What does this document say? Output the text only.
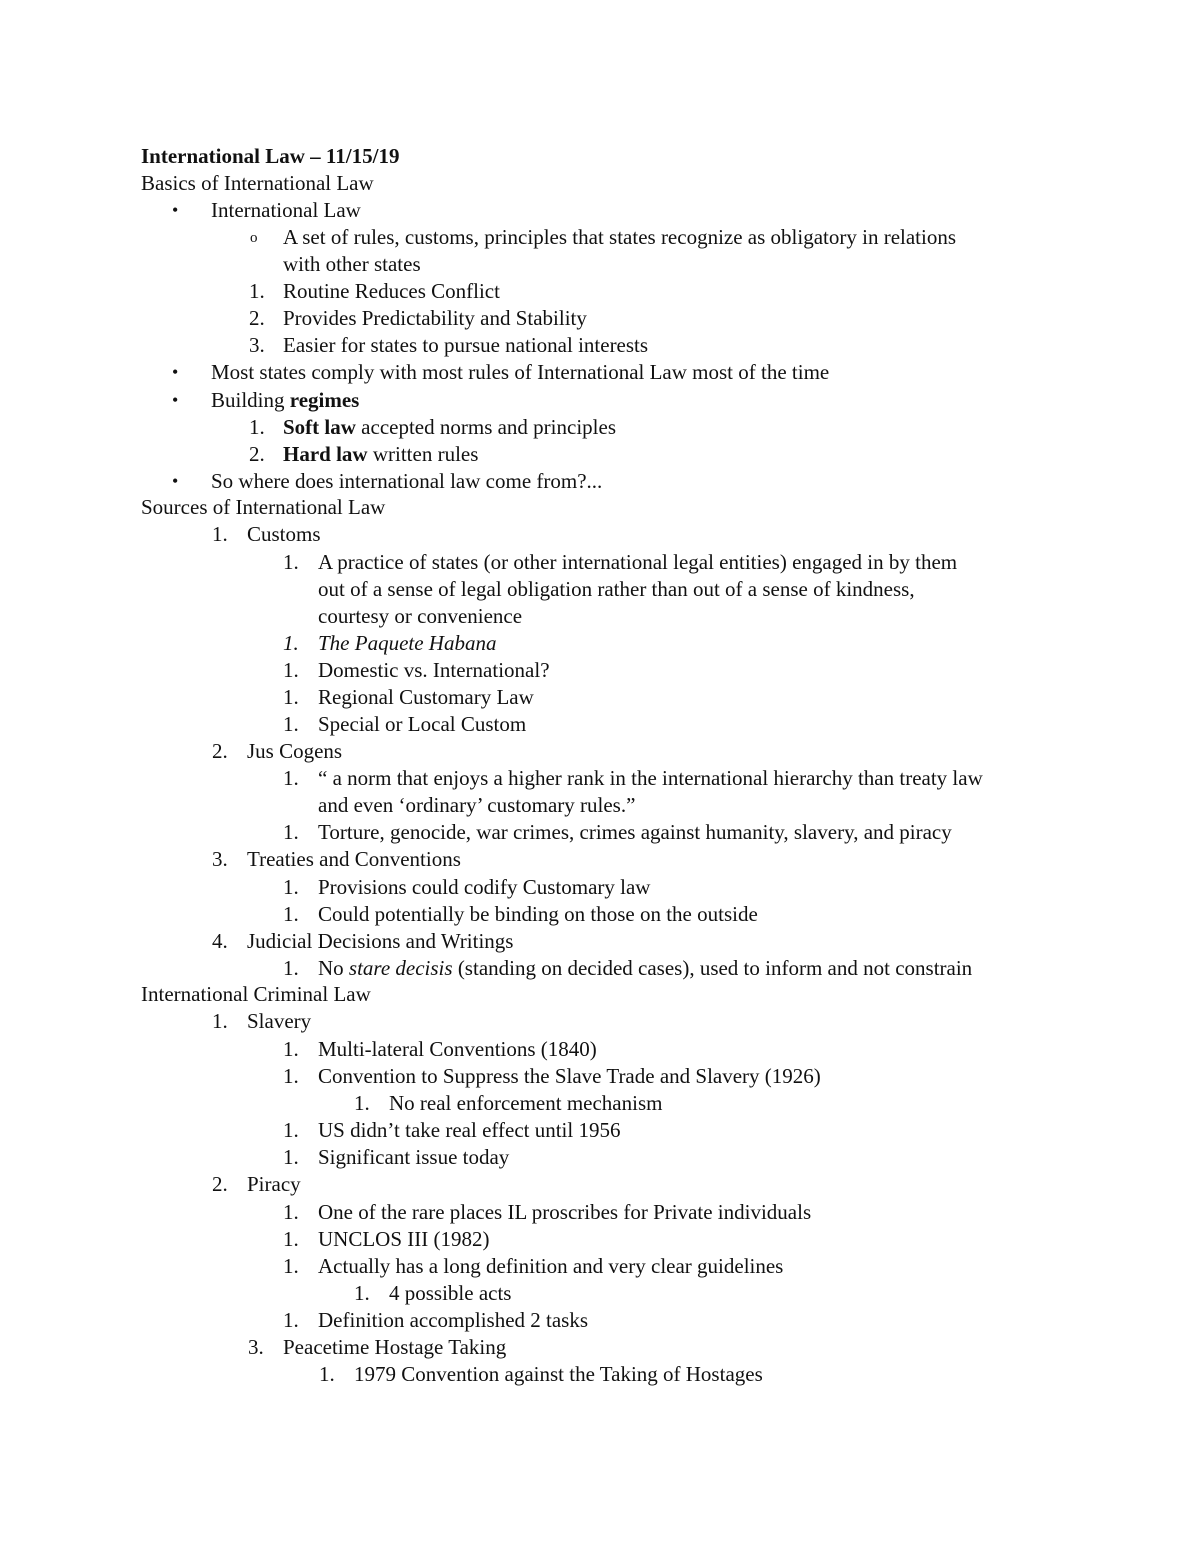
International Law – 11/15/19
Basics of International Law
• International Law
o A set of rules, customs, principles that states recognize as obligatory in relations
with other states
1. Routine Reduces Conflict
2. Provides Predictability and Stability
3. Easier for states to pursue national interests
• Most states comply with most rules of International Law most of the time
• Building regimes
1. Soft law accepted norms and principles
2. Hard law written rules
• So where does international law come from?...
Sources of International Law
1. Customs
1. A practice of states (or other international legal entities) engaged in by them
out of a sense of legal obligation rather than out of a sense of kindness,
courtesy or convenience
1. The Paquete Habana
1. Domestic vs. International?
1. Regional Customary Law
1. Special or Local Custom
2. Jus Cogens
1. “ a norm that enjoys a higher rank in the international hierarchy than treaty law
and even ‘ordinary’ customary rules.”
1. Torture, genocide, war crimes, crimes against humanity, slavery, and piracy
3. Treaties and Conventions
1. Provisions could codify Customary law
1. Could potentially be binding on those on the outside
4. Judicial Decisions and Writings
1. No stare decisis (standing on decided cases), used to inform and not constrain
International Criminal Law
1. Slavery
1. Multi-lateral Conventions (1840)
1. Convention to Suppress the Slave Trade and Slavery (1926)
1. No real enforcement mechanism
1. US didn’t take real effect until 1956
1. Significant issue today
2. Piracy
1. One of the rare places IL proscribes for Private individuals
1. UNCLOS III (1982)
1. Actually has a long definition and very clear guidelines
1. 4 possible acts
1. Definition accomplished 2 tasks
3. Peacetime Hostage Taking
1. 1979 Convention against the Taking of Hostages
